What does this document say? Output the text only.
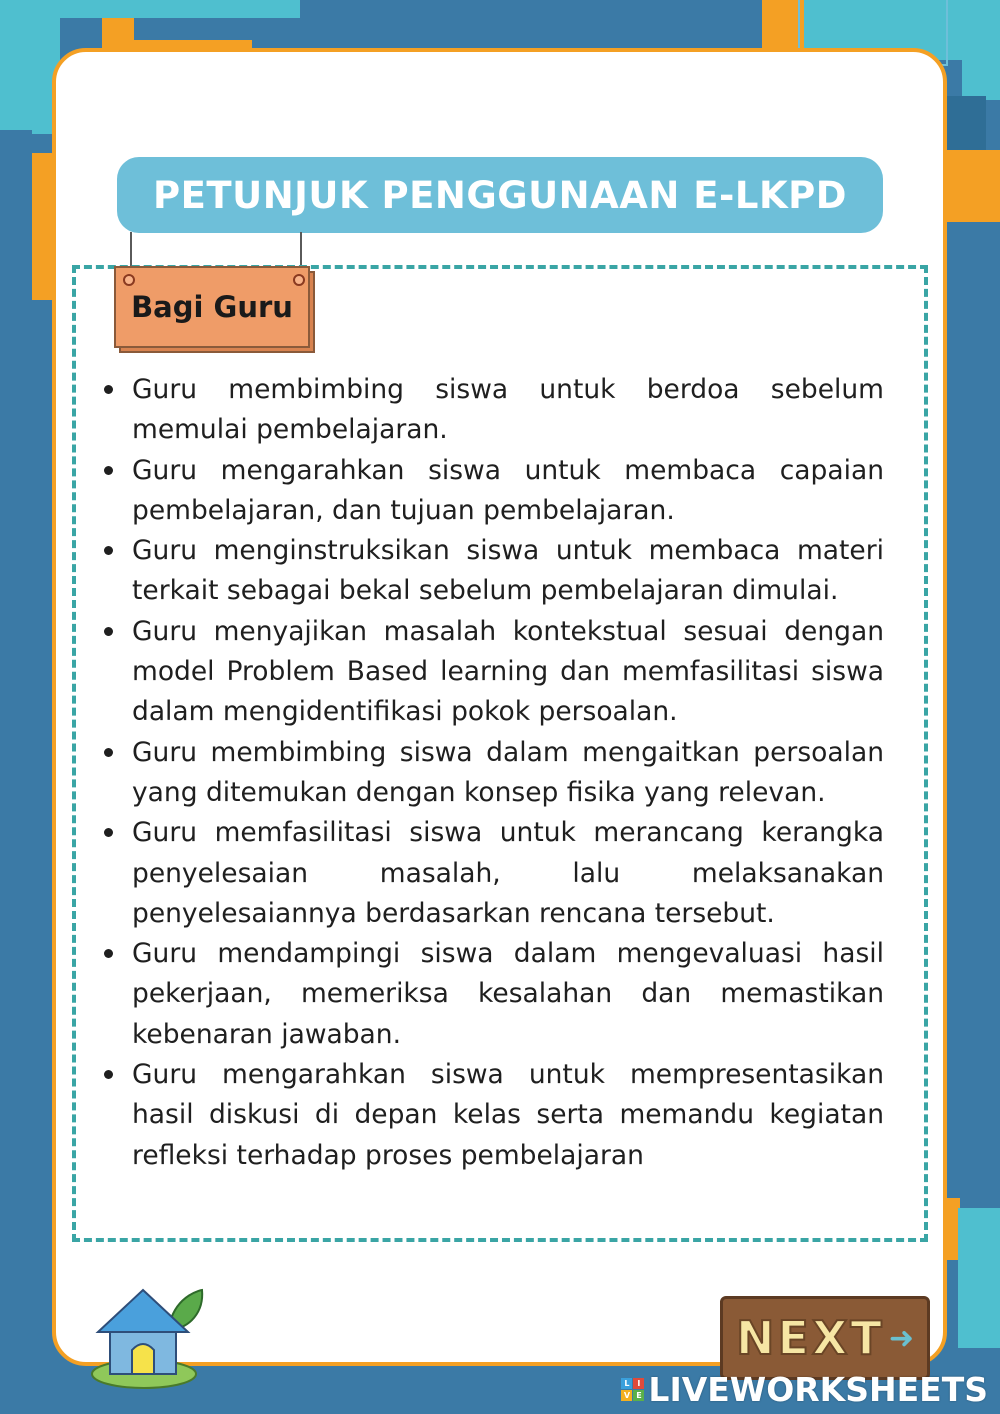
PETUNJUK PENGGUNAAN E-LKPD
Bagi Guru
Guru membimbing siswa untuk berdoa sebelum memulai pembelajaran.
Guru mengarahkan siswa untuk membaca capaian pembelajaran, dan tujuan pembelajaran.
Guru menginstruksikan siswa untuk membaca materi terkait sebagai bekal sebelum pembelajaran dimulai.
Guru menyajikan masalah kontekstual sesuai dengan model Problem Based learning dan memfasilitasi siswa dalam mengidentifikasi pokok persoalan.
Guru membimbing siswa dalam mengaitkan persoalan yang ditemukan dengan konsep fisika yang relevan.
Guru memfasilitasi siswa untuk merancang kerangka penyelesaian masalah, lalu melaksanakan penyelesaiannya berdasarkan rencana tersebut.
Guru mendampingi siswa dalam mengevaluasi hasil pekerjaan, memeriksa kesalahan dan memastikan kebenaran jawaban.
Guru mengarahkan siswa untuk mempresentasikan hasil diskusi di depan kelas serta memandu kegiatan refleksi terhadap proses pembelajaran
NEXT ➜
L I
V E LIVEWORKSHEETS
